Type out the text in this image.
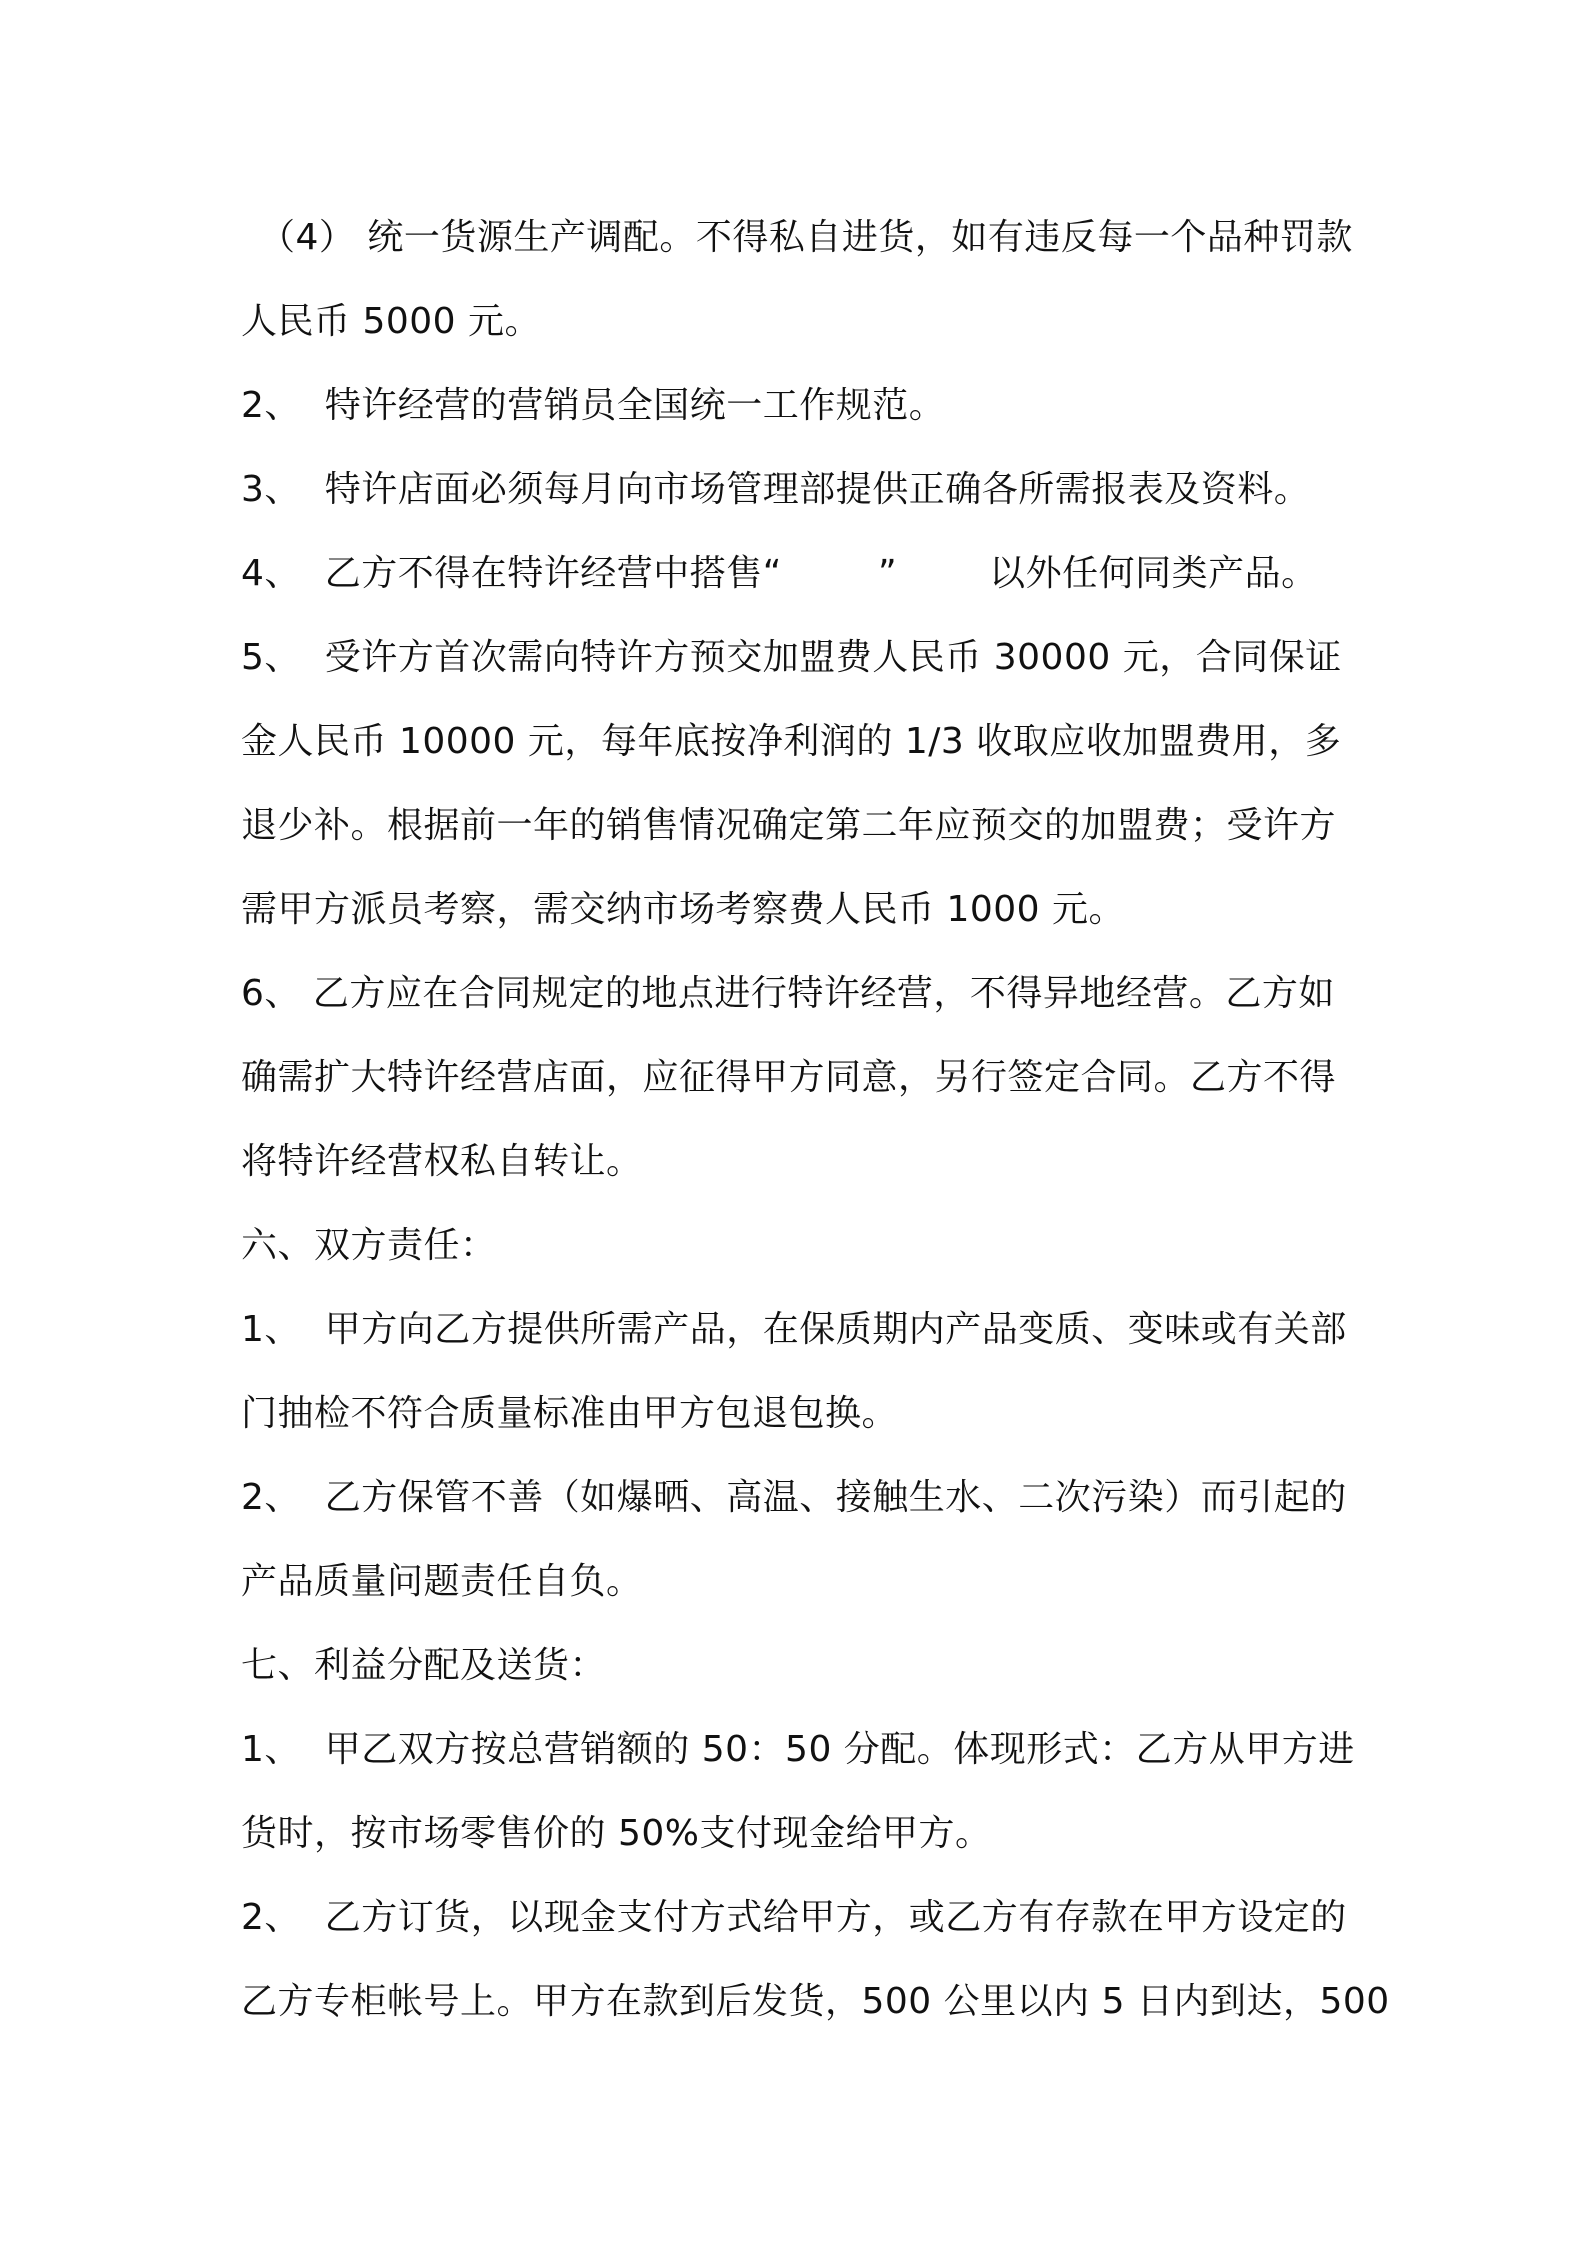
（4） 统一货源生产调配。不得私自进货，如有违反每一个品种罚款
人民币 5000 元。
2、  特许经营的营销员全国统一工作规范。
3、  特许店面必须每月向市场管理部提供正确各所需报表及资料。
4、  乙方不得在特许经营中搭售“	”	以外任何同类产品。
5、  受许方首次需向特许方预交加盟费人民币 30000 元，合同保证
金人民币 10000 元，每年底按净利润的 1/3 收取应收加盟费用，多
退少补。根据前一年的销售情况确定第二年应预交的加盟费；受许方
需甲方派员考察，需交纳市场考察费人民币 1000 元。
6、 乙方应在合同规定的地点进行特许经营，不得异地经营。乙方如
确需扩大特许经营店面，应征得甲方同意，另行签定合同。乙方不得
将特许经营权私自转让。
六、双方责任：
1、  甲方向乙方提供所需产品，在保质期内产品变质、变味或有关部
门抽检不符合质量标准由甲方包退包换。
2、  乙方保管不善（如爆晒、高温、接触生水、二次污染）而引起的
产品质量问题责任自负。
七、利益分配及送货：
1、  甲乙双方按总营销额的 50：50 分配。体现形式：乙方从甲方进
货时，按市场零售价的 50%支付现金给甲方。
2、  乙方订货，以现金支付方式给甲方，或乙方有存款在甲方设定的
乙方专柜帐号上。甲方在款到后发货，500 公里以内 5 日内到达，500
